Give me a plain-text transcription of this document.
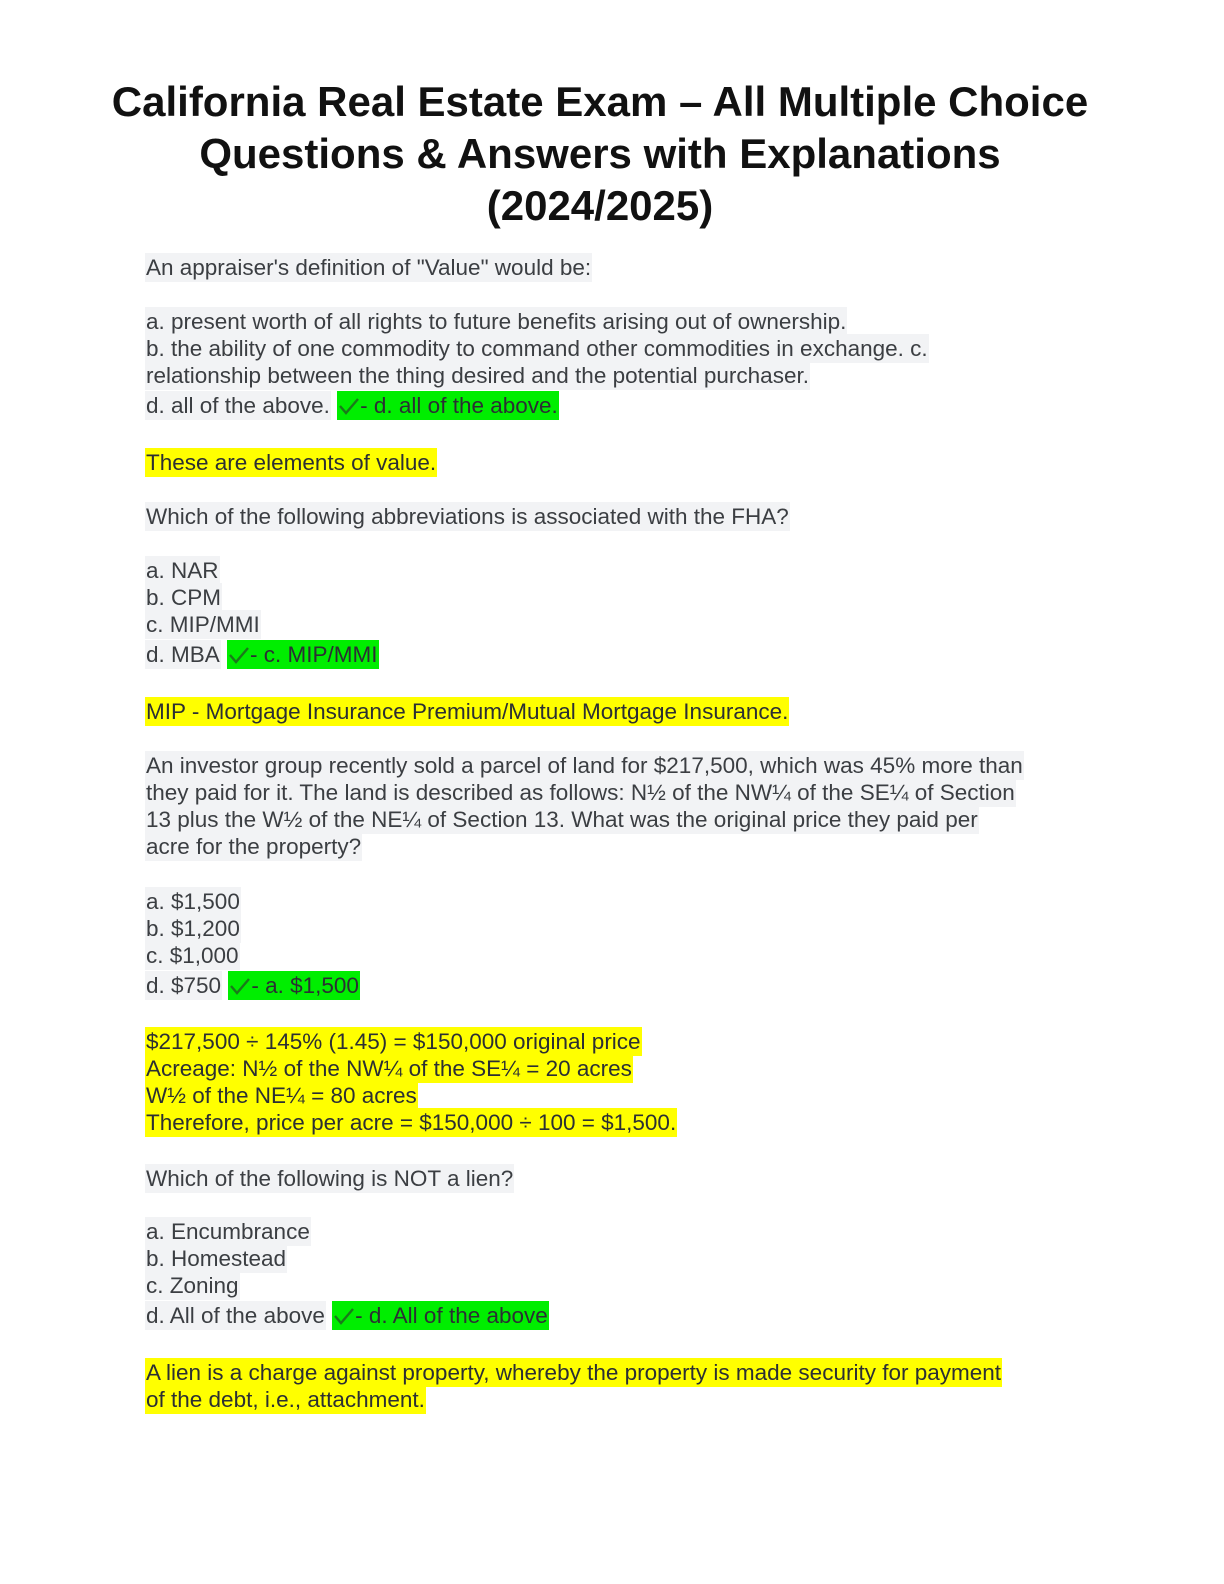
California Real Estate Exam – All Multiple Choice Questions & Answers with Explanations (2024/2025)
An appraiser's definition of "Value" would be:
a. present worth of all rights to future benefits arising out of ownership.
b. the ability of one commodity to command other commodities in exchange. c.
relationship between the thing desired and the potential purchaser.
d. all of the above. - d. all of the above.
These are elements of value.
Which of the following abbreviations is associated with the FHA?
a. NAR
b. CPM
c. MIP/MMI
d. MBA - c. MIP/MMI
MIP - Mortgage Insurance Premium/Mutual Mortgage Insurance.
An investor group recently sold a parcel of land for $217,500, which was 45% more than
they paid for it. The land is described as follows: N½ of the NW¼ of the SE¼ of Section
13 plus the W½ of the NE¼ of Section 13. What was the original price they paid per
acre for the property?
a. $1,500
b. $1,200
c. $1,000
d. $750 - a. $1,500
$217,500 ÷ 145% (1.45) = $150,000 original price
Acreage: N½ of the NW¼ of the SE¼ = 20 acres
W½ of the NE¼ = 80 acres
Therefore, price per acre = $150,000 ÷ 100 = $1,500.
Which of the following is NOT a lien?
a. Encumbrance
b. Homestead
c. Zoning
d. All of the above - d. All of the above
A lien is a charge against property, whereby the property is made security for payment
of the debt, i.e., attachment.
